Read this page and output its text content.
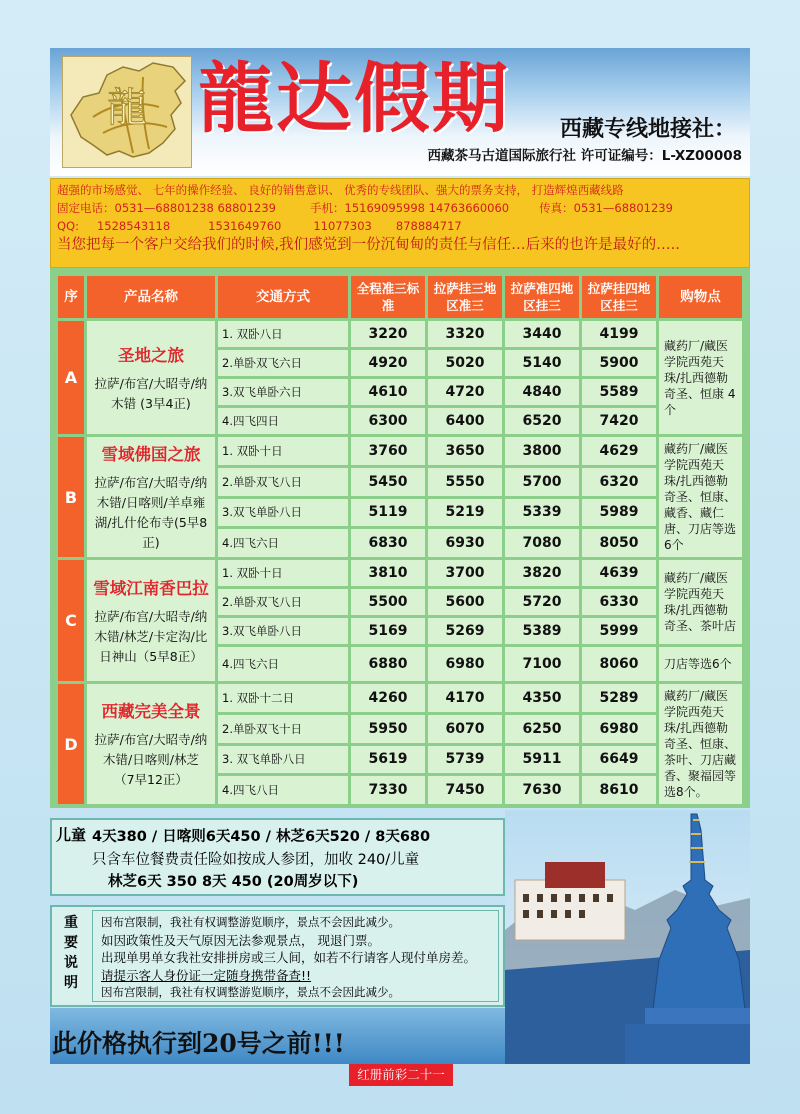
龍 龍达假期 西藏专线地接社：
西藏茶马古道国际旅行社 许可证编号：L-XZ00008
超强的市场感觉、 七年的操作经验、 良好的销售意识、 优秀的专线团队、强大的票务支持， 打造辉煌西藏线路
固定电话：0531—68801238 68801239	手机：15169095998 14763660060	传真：0531—68801239
QQ: 1528543118	1531649760	11077303 878884717
当您把每一个客户交给我们的时候,我们感觉到一份沉甸甸的责任与信任…后来的也许是最好的…..
序	产品名称	交通方式	全程准三标准	拉萨挂三地区准三	拉萨准四地区挂三	拉萨挂四地区挂三	购物点
A	圣地之旅
拉萨/布宫/大昭寺/纳木错 (3早4正)	1. 双卧八日	3220	3320	3440	4199	藏药厂/藏医学院西苑天珠/扎西德勒奇圣、恒康 4个
		2.单卧双飞六日	4920	5020	5140	5900	
		3.双飞单卧六日	4610	4720	4840	5589	
		4.四飞四日	6300	6400	6520	7420	
B	雪域佛国之旅
拉萨/布宫/大昭寺/纳木错/日喀则/羊卓雍湖/扎什伦布寺(5早8正)	1. 双卧十日	3760	3650	3800	4629	藏药厂/藏医学院西苑天珠/扎西德勒奇圣、恒康、藏香、藏仁唐、刀店等选6个
		2.单卧双飞八日	5450	5550	5700	6320	
		3.双飞单卧八日	5119	5219	5339	5989	
		4.四飞六日	6830	6930	7080	8050	
C	雪域江南香巴拉
拉萨/布宫/大昭寺/纳木错/林芝/卡定沟/比日神山（5早8正）	1. 双卧十日	3810	3700	3820	4639	藏药厂/藏医学院西苑天珠/扎西德勒奇圣、茶叶店
		2.单卧双飞八日	5500	5600	5720	6330	
		3.双飞单卧八日	5169	5269	5389	5999	
		4.四飞六日	6880	6980	7100	8060	刀店等选6个
D	西藏完美全景
拉萨/布宫/大昭寺/纳木错/日喀则/林芝（7早12正）	1. 双卧十二日	4260	4170	4350	5289	藏药厂/藏医学院西苑天珠/扎西德勒奇圣、恒康、茶叶、刀店藏香、聚福园等选8个。
		2.单卧双飞十日	5950	6070	6250	6980	
		3. 双飞单卧八日	5619	5739	5911	6649	
		4.四飞八日	7330	7450	7630	8610	
儿童 4天380 / 日喀则6天450 / 林芝6天520 / 8天680
只含车位餐费责任险如按成人参团，加收 240/儿童
林芝6天 350 8天 450 (20周岁以下)
重要说明
因布宫限制，我社有权调整游览顺序，景点不会因此减少。
如因政策性及天气原因无法参观景点， 现退门票。
出现单男单女我社安排拼房或三人间，如若不行请客人现付单房差。
请提示客人身份证一定随身携带备查!!
因布宫限制，我社有权调整游览顺序，景点不会因此减少。
此价格执行到20号之前!!!
红册前彩二十一
